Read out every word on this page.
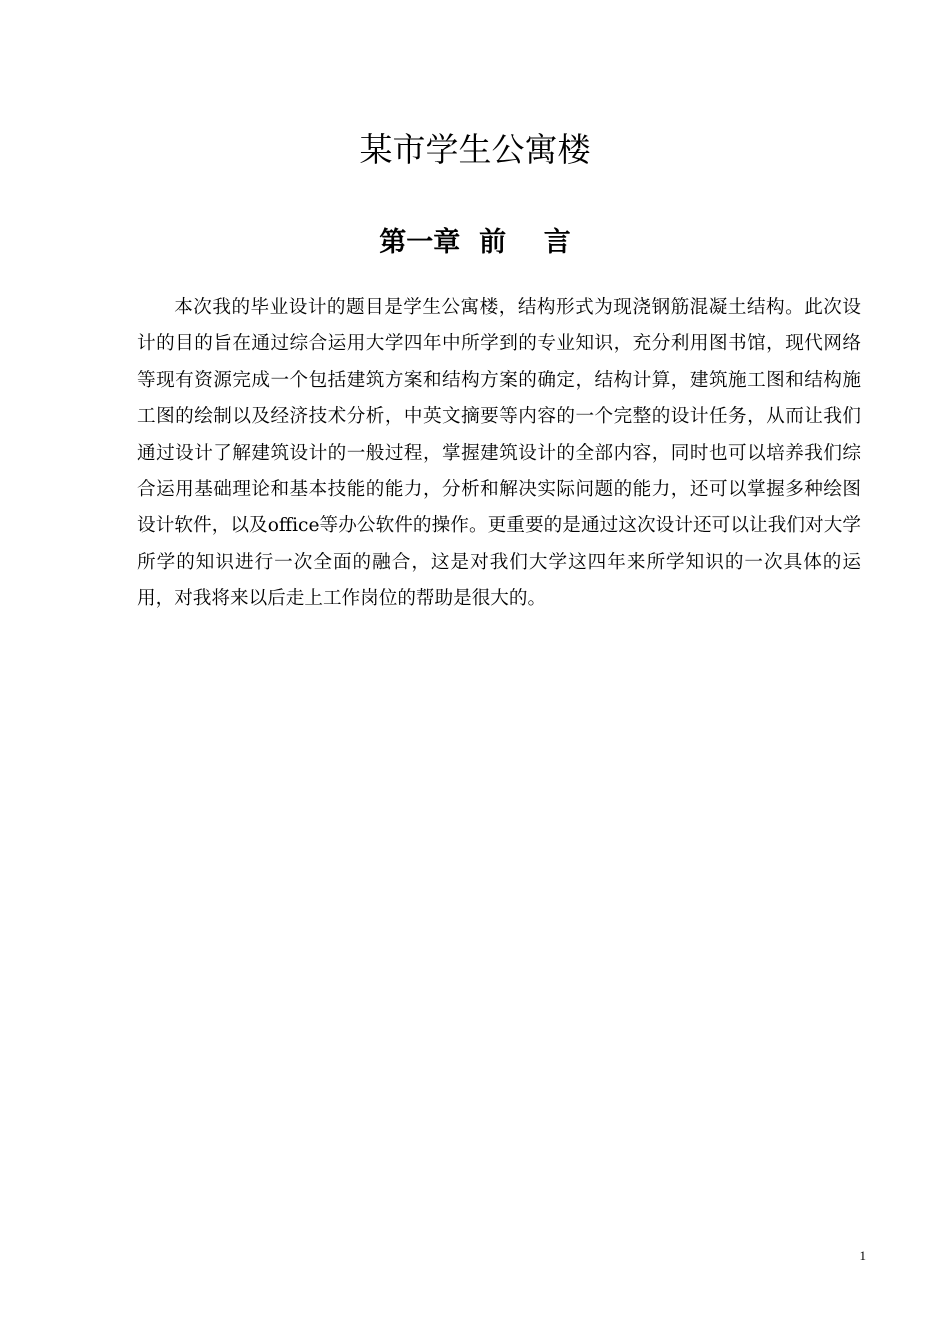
某市学生公寓楼
第一章  前    言

本次我的毕业设计的题目是学生公寓楼，结构形式为现浇钢筋混凝土结构。此次设计的目的旨在通过综合运用大学四年中所学到的专业知识，充分利用图书馆，现代网络等现有资源完成一个包括建筑方案和结构方案的确定，结构计算，建筑施工图和结构施工图的绘制以及经济技术分析，中英文摘要等内容的一个完整的设计任务，从而让我们通过设计了解建筑设计的一般过程，掌握建筑设计的全部内容，同时也可以培养我们综合运用基础理论和基本技能的能力，分析和解决实际问题的能力，还可以掌握多种绘图设计软件，以及office等办公软件的操作。更重要的是通过这次设计还可以让我们对大学所学的知识进行一次全面的融合，这是对我们大学这四年来所学知识的一次具体的运用，对我将来以后走上工作岗位的帮助是很大的。

1
